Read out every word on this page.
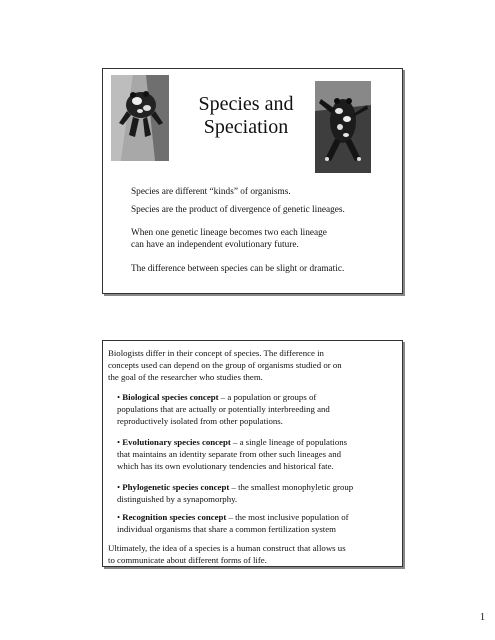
Species and
Speciation
Species are different “kinds” of organisms.
Species are the product of divergence of genetic lineages.
When one genetic lineage becomes two each lineage
can have an independent evolutionary future.
The difference between species can be slight or dramatic.
Biologists differ in their concept of species. The difference in
concepts used can depend on the group of organisms studied or on
the goal of the researcher who studies them.
• Biological species concept – a population or groups of
populations that are actually or potentially interbreeding and
reproductively isolated from other populations.
• Evolutionary species concept – a single lineage of populations
that maintains an identity separate from other such lineages and
which has its own evolutionary tendencies and historical fate.
• Phylogenetic species concept – the smallest monophyletic group
distinguished by a synapomorphy.
• Recognition species concept – the most inclusive population of
individual organisms that share a common fertilization system
Ultimately, the idea of a species is a human construct that allows us
to communicate about different forms of life.
1
